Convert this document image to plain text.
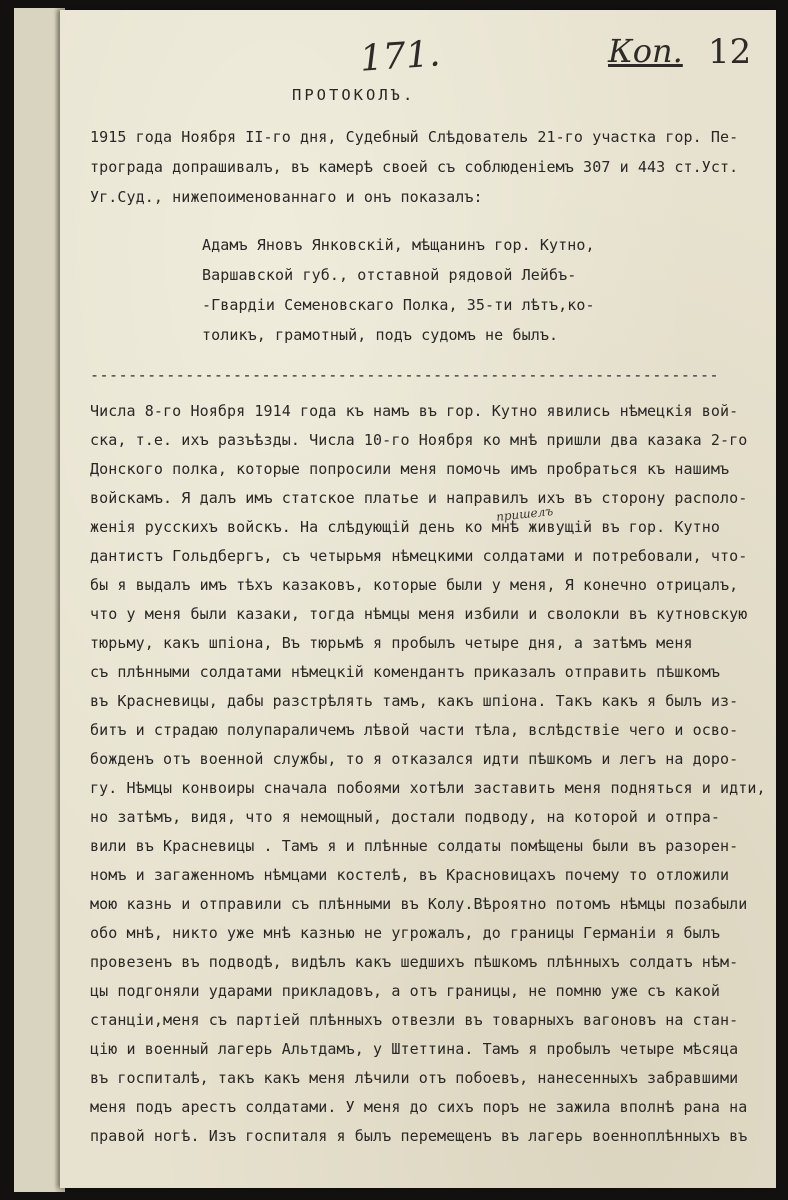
171.	Коп. 12
ПРОТОКОЛЪ.
1915 года Ноября II-го дня, Судебный Слѣдователь 21-го участка гор. Пе-
трограда допрашивалъ, въ камерѣ своей съ соблюденіемъ 307 и 443 ст.Уст.
Уг.Суд., нижепоименованнаго и онъ показалъ:
Адамъ Яновъ Янковскій, мѣщанинъ гор. Кутно,
Варшавской губ., отставной рядовой Лейбъ-
-Гвардіи Семеновскаго Полка, 35-ти лѣтъ,ко-
толикъ, грамотный, подъ судомъ не былъ.
------------------------------------------------------------------
пришелъ
Числа 8-го Ноября 1914 года къ намъ въ гор. Кутно явились нѣмецкія вой-
ска, т.е. ихъ разъѣзды. Числа 10-го Ноября ко мнѣ пришли два казака 2-го
Донского полка, которые попросили меня помочь имъ пробраться къ нашимъ
войскамъ. Я далъ имъ статское платье и направилъ ихъ въ сторону располо-
женія русскихъ войскъ. На слѣдующій день ко мнѣ живущій въ гор. Кутно
дантистъ Гольдбергъ, съ четырьмя нѣмецкими солдатами и потребовали, что-
бы я выдалъ имъ тѣхъ казаковъ, которые были у меня, Я конечно отрицалъ,
что у меня были казаки, тогда нѣмцы меня избили и сволокли въ кутновскую
тюрьму, какъ шпіона, Въ тюрьмѣ я пробылъ четыре дня, а затѣмъ меня
съ плѣнными солдатами нѣмецкій комендантъ приказалъ отправить пѣшкомъ
въ Красневицы, дабы разстрѣлять тамъ, какъ шпіона. Такъ какъ я былъ из-
битъ и страдаю полупараличемъ лѣвой части тѣла, вслѣдствіе чего и осво-
божденъ отъ военной службы, то я отказался идти пѣшкомъ и легъ на доро-
гу. Нѣмцы конвоиры сначала побоями хотѣли заставить меня подняться и идти,
но затѣмъ, видя, что я немощный, достали подводу, на которой и отпра-
вили въ Красневицы . Тамъ я и плѣнные солдаты помѣщены были въ разорен-
номъ и загаженномъ нѣмцами костелѣ, въ Красновицахъ почему то отложили
мою казнь и отправили съ плѣнными въ Колу.Вѣроятно потомъ нѣмцы позабыли
обо мнѣ, никто уже мнѣ казнью не угрожалъ, до границы Германіи я былъ
провезенъ въ подводѣ, видѣлъ какъ шедшихъ пѣшкомъ плѣнныхъ солдатъ нѣм-
цы подгоняли ударами прикладовъ, а отъ границы, не помню уже съ какой
станціи,меня съ партіей плѣнныхъ отвезли въ товарныхъ вагоновъ на стан-
цію и военный лагерь Альтдамъ, у Штеттина. Тамъ я пробылъ четыре мѣсяца
въ госпиталѣ, такъ какъ меня лѣчили отъ побоевъ, нанесенныхъ забравшими
меня подъ арестъ солдатами. У меня до сихъ поръ не зажила вполнѣ рана на
правой ногѣ. Изъ госпиталя я былъ перемещенъ въ лагерь военноплѣнныхъ въ
